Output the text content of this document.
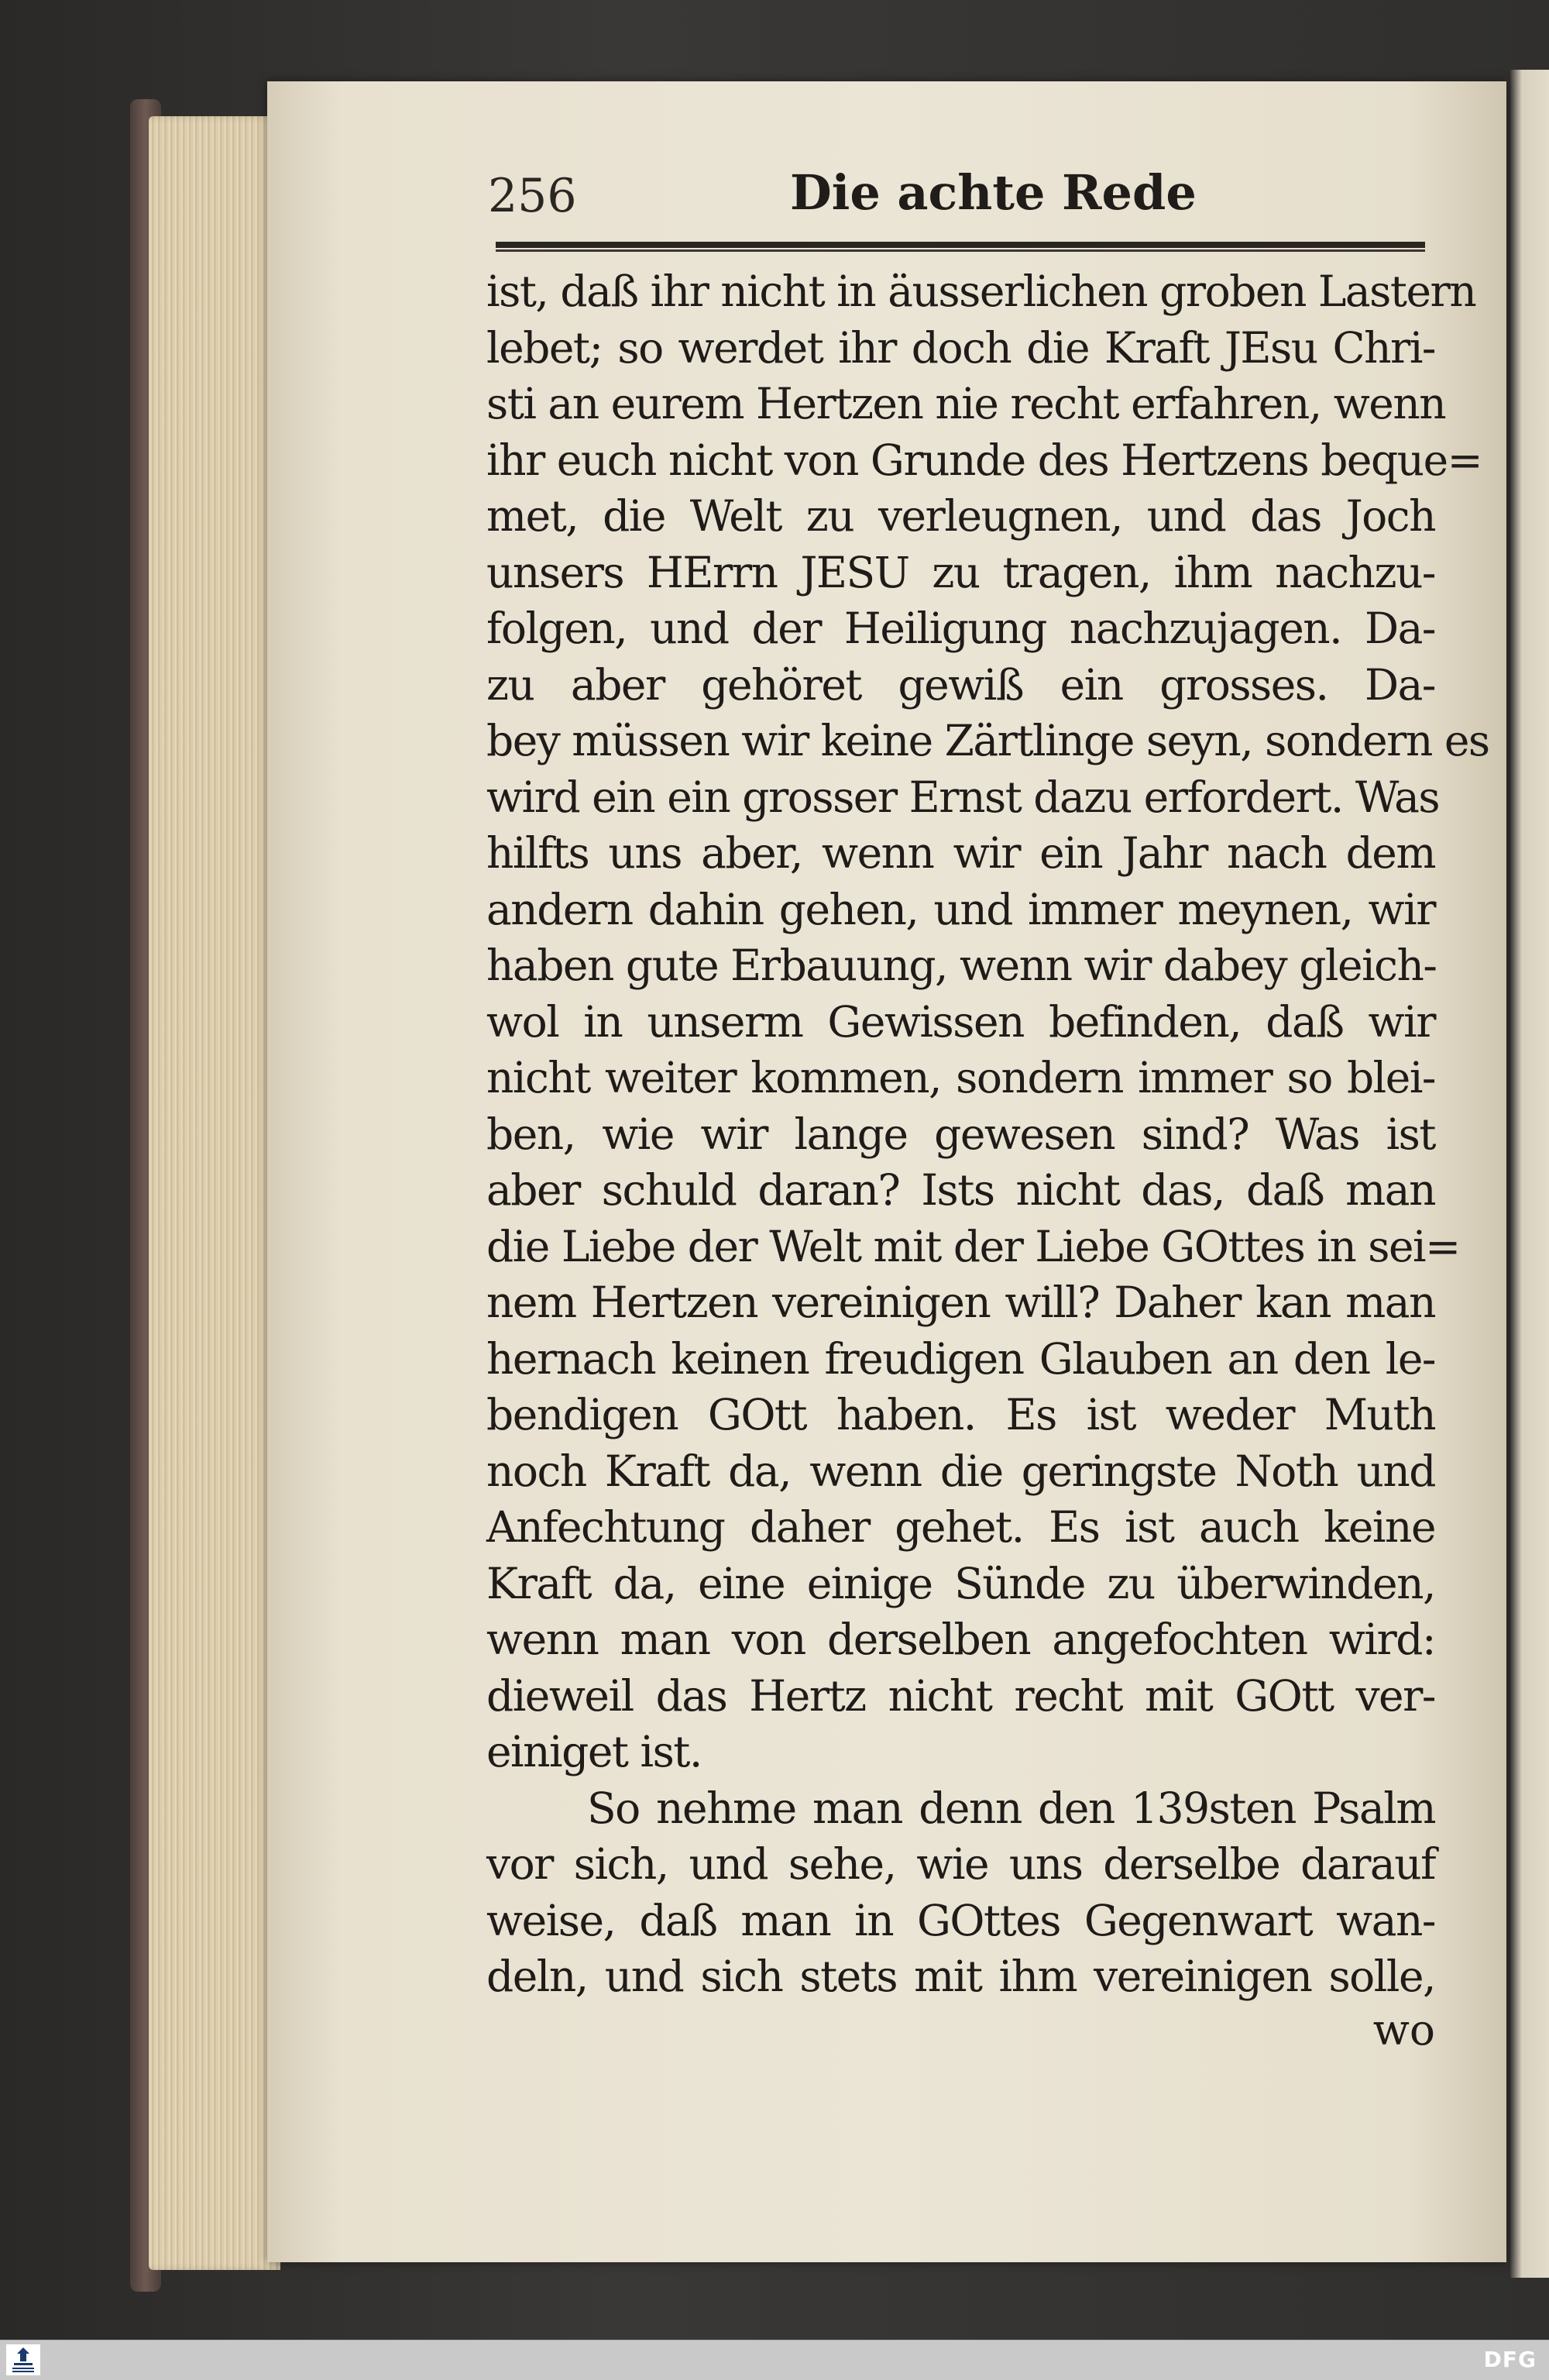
256	Die achte Rede
ist, daß ihr nicht in äusserlichen groben Lastern
lebet; so werdet ihr doch die Kraft JEsu Chri-
sti an eurem Hertzen nie recht erfahren, wenn
ihr euch nicht von Grunde des Hertzens beque=
met, die Welt zu verleugnen, und das Joch
unsers HErrn JESU zu tragen, ihm nachzu-
folgen, und der Heiligung nachzujagen. Da-
zu aber gehöret gewiß ein grosses. Da-
bey müssen wir keine Zärtlinge seyn, sondern es
wird ein ein grosser Ernst dazu erfordert. Was
hilfts uns aber, wenn wir ein Jahr nach dem
andern dahin gehen, und immer meynen, wir
haben gute Erbauung, wenn wir dabey gleich-
wol in unserm Gewissen befinden, daß wir
nicht weiter kommen, sondern immer so blei-
ben, wie wir lange gewesen sind? Was ist
aber schuld daran? Ists nicht das, daß man
die Liebe der Welt mit der Liebe GOttes in sei=
nem Hertzen vereinigen will? Daher kan man
hernach keinen freudigen Glauben an den le-
bendigen GOtt haben. Es ist weder Muth
noch Kraft da, wenn die geringste Noth und
Anfechtung daher gehet. Es ist auch keine
Kraft da, eine einige Sünde zu überwinden,
wenn man von derselben angefochten wird:
dieweil das Hertz nicht recht mit GOtt ver-
einiget ist.
So nehme man denn den 139sten Psalm
vor sich, und sehe, wie uns derselbe darauf
weise, daß man in GOttes Gegenwart wan-
deln, und sich stets mit ihm vereinigen solle,
wo
DFG
